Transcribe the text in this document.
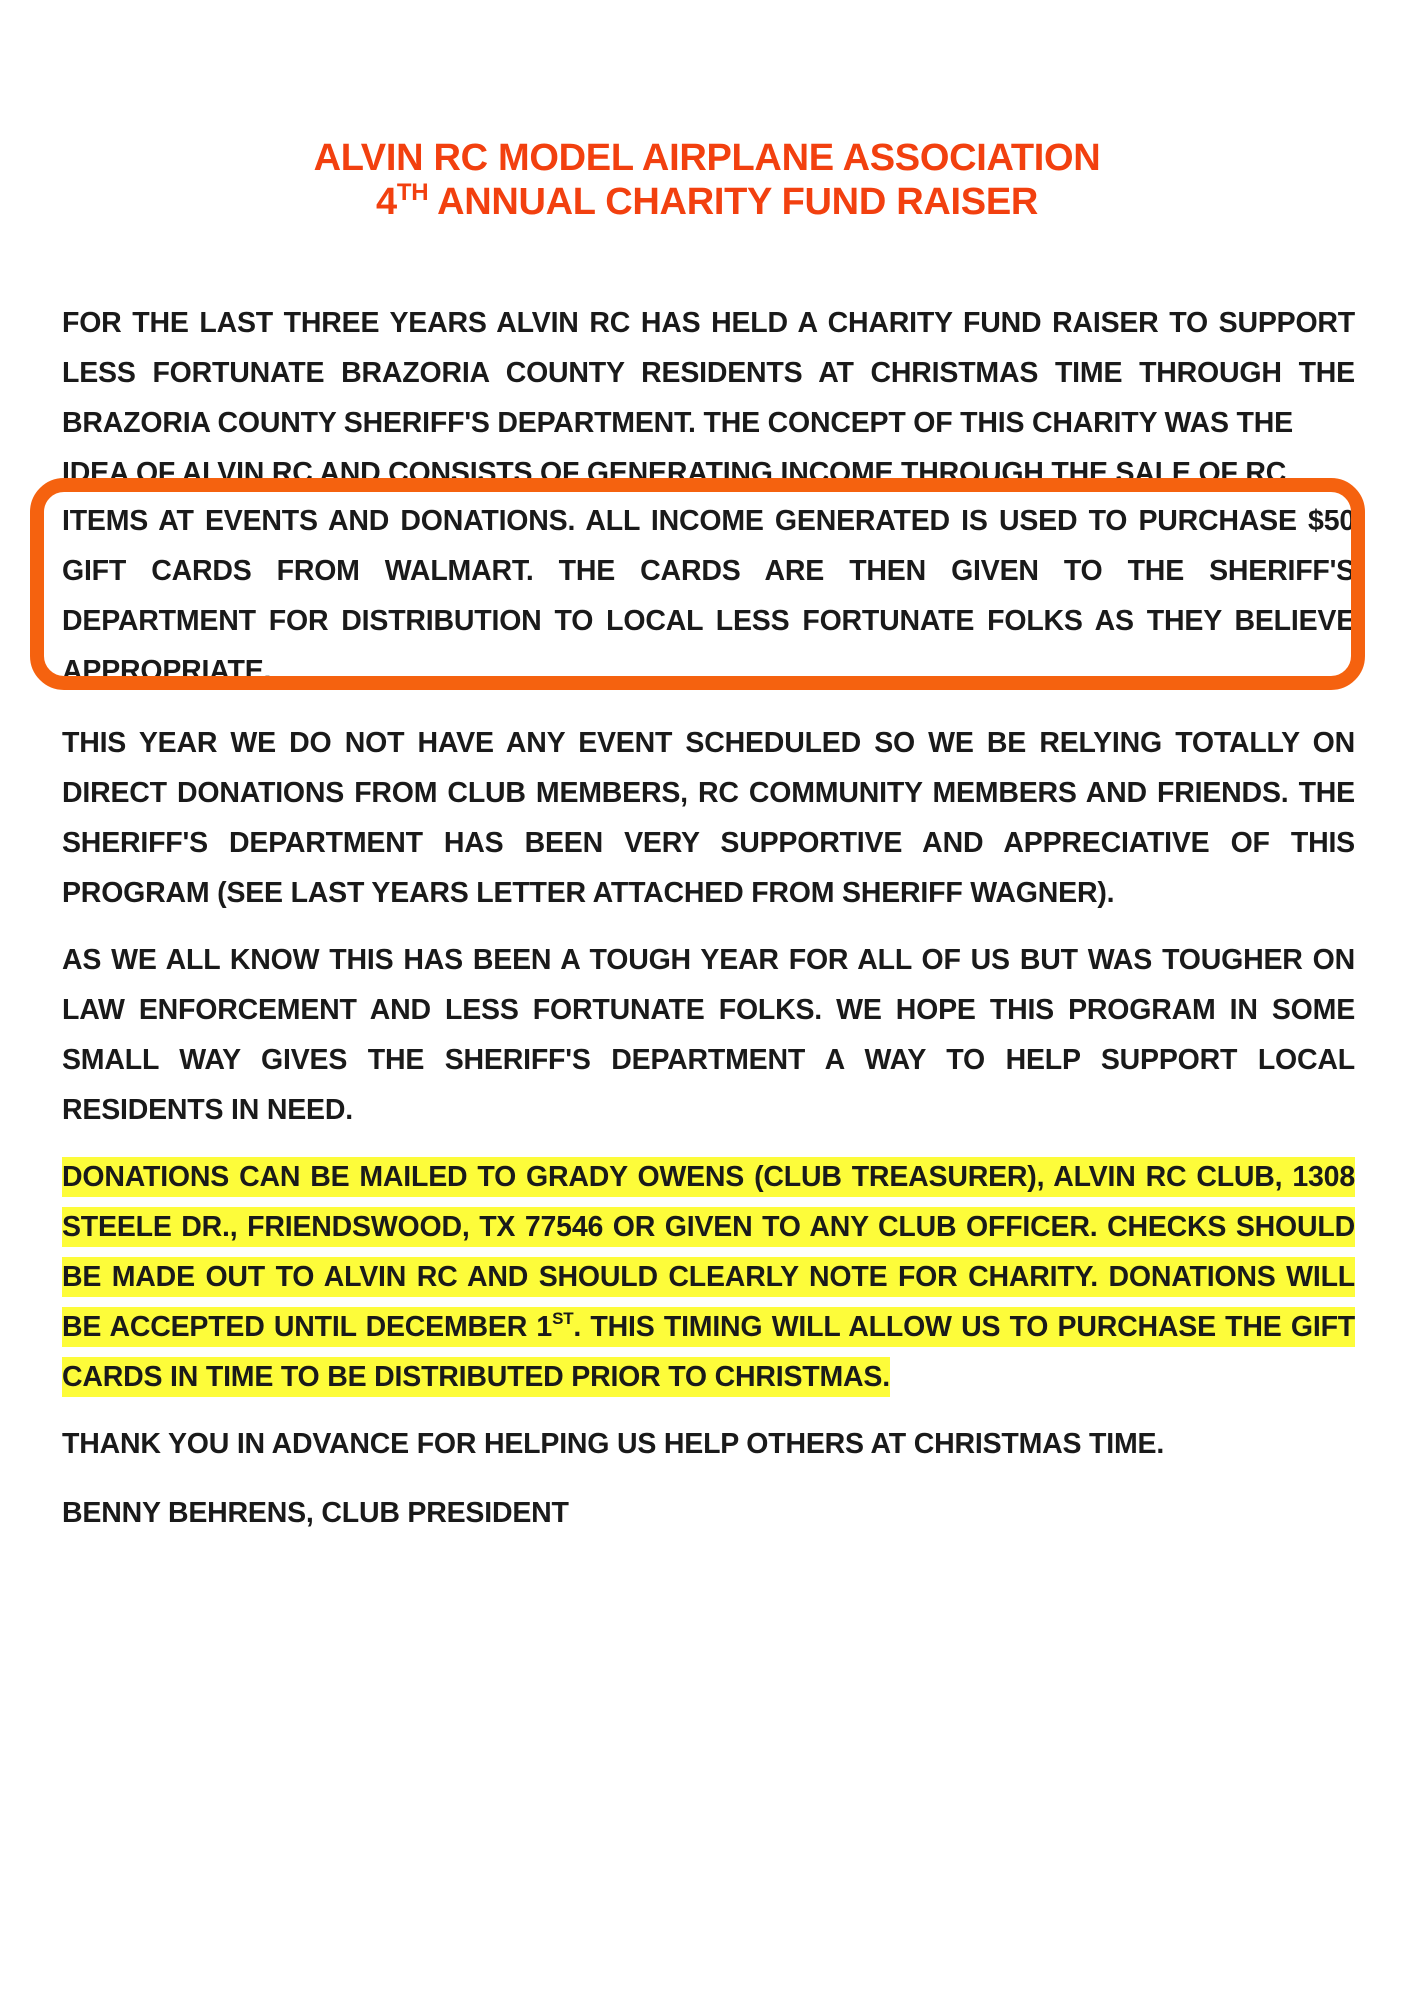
ALVIN RC MODEL AIRPLANE ASSOCIATION
4TH ANNUAL CHARITY FUND RAISER

FOR THE LAST THREE YEARS ALVIN RC HAS HELD A CHARITY FUND RAISER TO SUPPORT LESS FORTUNATE BRAZORIA COUNTY RESIDENTS AT CHRISTMAS TIME THROUGH THE BRAZORIA COUNTY SHERIFF'S DEPARTMENT. THE CONCEPT OF THIS CHARITY WAS THE

IDEA OF ALVIN RC AND CONSISTS OF GENERATING INCOME THROUGH THE SALE OF RC

ITEMS AT EVENTS AND DONATIONS. ALL INCOME GENERATED IS USED TO PURCHASE $50 GIFT CARDS FROM WALMART. THE CARDS ARE THEN GIVEN TO THE SHERIFF'S DEPARTMENT FOR DISTRIBUTION TO LOCAL LESS FORTUNATE FOLKS AS THEY BELIEVE APPROPRIATE.

THIS YEAR WE DO NOT HAVE ANY EVENT SCHEDULED SO WE BE RELYING TOTALLY ON DIRECT DONATIONS FROM CLUB MEMBERS, RC COMMUNITY MEMBERS AND FRIENDS. THE SHERIFF'S DEPARTMENT HAS BEEN VERY SUPPORTIVE AND APPRECIATIVE OF THIS PROGRAM (SEE LAST YEARS LETTER ATTACHED FROM SHERIFF WAGNER).

AS WE ALL KNOW THIS HAS BEEN A TOUGH YEAR FOR ALL OF US BUT WAS TOUGHER ON LAW ENFORCEMENT AND LESS FORTUNATE FOLKS. WE HOPE THIS PROGRAM IN SOME SMALL WAY GIVES THE SHERIFF'S DEPARTMENT A WAY TO HELP SUPPORT LOCAL RESIDENTS IN NEED.

DONATIONS CAN BE MAILED TO GRADY OWENS (CLUB TREASURER), ALVIN RC CLUB, 1308 STEELE DR., FRIENDSWOOD, TX 77546 OR GIVEN TO ANY CLUB OFFICER. CHECKS SHOULD BE MADE OUT TO ALVIN RC AND SHOULD CLEARLY NOTE FOR CHARITY. DONATIONS WILL BE ACCEPTED UNTIL DECEMBER 1ST. THIS TIMING WILL ALLOW US TO PURCHASE THE GIFT CARDS IN TIME TO BE DISTRIBUTED PRIOR TO CHRISTMAS.

THANK YOU IN ADVANCE FOR HELPING US HELP OTHERS AT CHRISTMAS TIME.

BENNY BEHRENS, CLUB PRESIDENT
